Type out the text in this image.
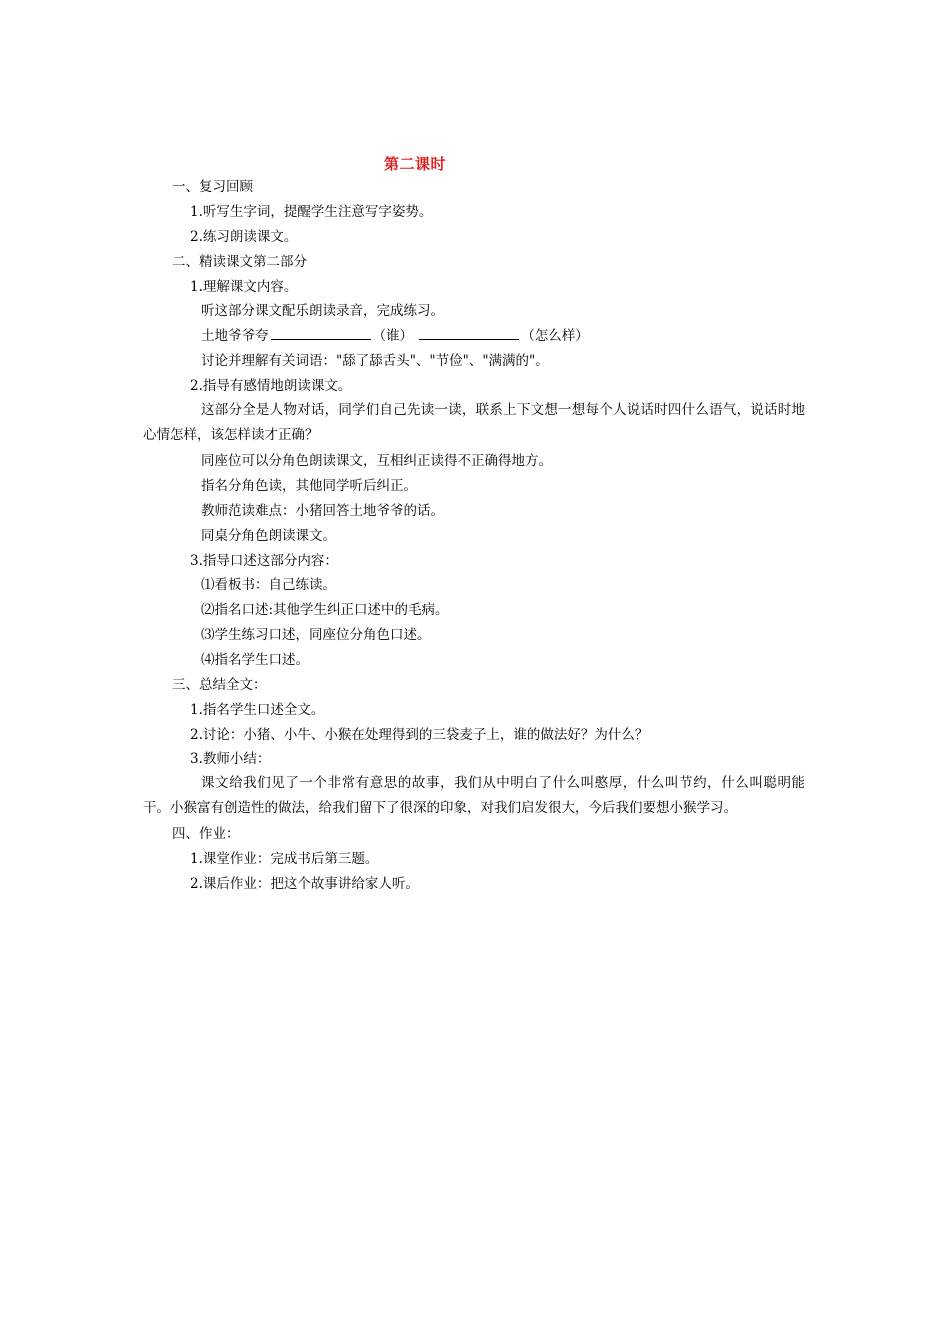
第二课时
一、复习回顾
1.听写生字词，提醒学生注意写字姿势。
2.练习朗读课文。
二、精读课文第二部分
1.理解课文内容。
听这部分课文配乐朗读录音，完成练习。
土地爷爷夸	（谁）	（怎么样）
讨论并理解有关词语："舔了舔舌头"、"节俭"、"满满的"。
2.指导有感情地朗读课文。
这部分全是人物对话，同学们自己先读一读，联系上下文想一想每个人说话时四什么语气，说话时地心情怎样，该怎样读才正确？
同座位可以分角色朗读课文，互相纠正读得不正确得地方。
指名分角色读，其他同学听后纠正。
教师范读难点：小猪回答土地爷爷的话。
同桌分角色朗读课文。
3.指导口述这部分内容：
⑴看板书：自己练读。
⑵指名口述:其他学生纠正口述中的毛病。
⑶学生练习口述，同座位分角色口述。
⑷指名学生口述。
三、总结全文：
1.指名学生口述全文。
2.讨论：小猪、小牛、小猴在处理得到的三袋麦子上，谁的做法好？为什么？
3.教师小结：
课文给我们见了一个非常有意思的故事，我们从中明白了什么叫憨厚，什么叫节约，什么叫聪明能干。小猴富有创造性的做法，给我们留下了很深的印象，对我们启发很大，今后我们要想小猴学习。
四、作业：
1.课堂作业：完成书后第三题。
2.课后作业：把这个故事讲给家人听。
